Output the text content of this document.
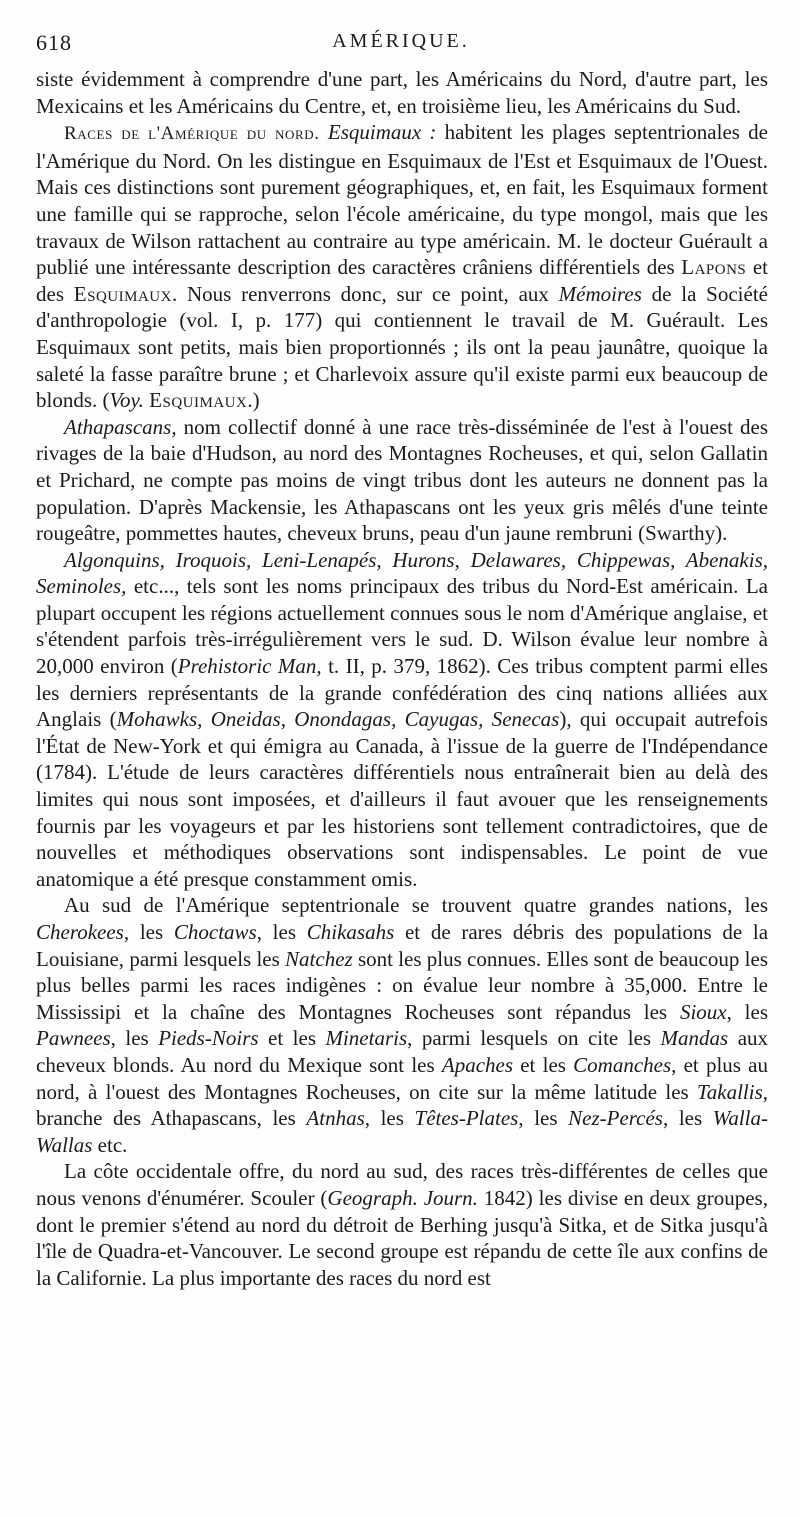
618	AMÉRIQUE.

siste évidemment à comprendre d'une part, les Américains du Nord, d'autre part, les Mexicains et les Américains du Centre, et, en troisième lieu, les Américains du Sud.

Races de l'Amérique du nord. Esquimaux : habitent les plages septentrionales de l'Amérique du Nord. On les distingue en Esquimaux de l'Est et Esquimaux de l'Ouest. Mais ces distinctions sont purement géographiques, et, en fait, les Esquimaux forment une famille qui se rapproche, selon l'école américaine, du type mongol, mais que les travaux de Wilson rattachent au contraire au type américain. M. le docteur Guérault a publié une intéressante description des caractères crâniens différentiels des Lapons et des Esquimaux. Nous renverrons donc, sur ce point, aux Mémoires de la Société d'anthropologie (vol. I, p. 177) qui contiennent le travail de M. Guérault. Les Esquimaux sont petits, mais bien proportionnés ; ils ont la peau jaunâtre, quoique la saleté la fasse paraître brune ; et Charlevoix assure qu'il existe parmi eux beaucoup de blonds. (Voy. Esquimaux.)

Athapascans, nom collectif donné à une race très-disséminée de l'est à l'ouest des rivages de la baie d'Hudson, au nord des Montagnes Rocheuses, et qui, selon Gallatin et Prichard, ne compte pas moins de vingt tribus dont les auteurs ne donnent pas la population. D'après Mackensie, les Athapascans ont les yeux gris mêlés d'une teinte rougeâtre, pommettes hautes, cheveux bruns, peau d'un jaune rembruni (Swarthy).

Algonquins, Iroquois, Leni-Lenapés, Hurons, Delawares, Chippewas, Abenakis, Seminoles, etc..., tels sont les noms principaux des tribus du Nord-Est américain. La plupart occupent les régions actuellement connues sous le nom d'Amérique anglaise, et s'étendent parfois très-irrégulièrement vers le sud. D. Wilson évalue leur nombre à 20,000 environ (Prehistoric Man, t. II, p. 379, 1862). Ces tribus comptent parmi elles les derniers représentants de la grande confédération des cinq nations alliées aux Anglais (Mohawks, Oneidas, Onondagas, Cayugas, Senecas), qui occupait autrefois l'État de New-York et qui émigra au Canada, à l'issue de la guerre de l'Indépendance (1784). L'étude de leurs caractères différentiels nous entraînerait bien au delà des limites qui nous sont imposées, et d'ailleurs il faut avouer que les renseignements fournis par les voyageurs et par les historiens sont tellement contradictoires, que de nouvelles et méthodiques observations sont indispensables. Le point de vue anatomique a été presque constamment omis.

Au sud de l'Amérique septentrionale se trouvent quatre grandes nations, les Cherokees, les Choctaws, les Chikasahs et de rares débris des populations de la Louisiane, parmi lesquels les Natchez sont les plus connues. Elles sont de beaucoup les plus belles parmi les races indigènes : on évalue leur nombre à 35,000. Entre le Mississipi et la chaîne des Montagnes Rocheuses sont répandus les Sioux, les Pawnees, les Pieds-Noirs et les Minetaris, parmi lesquels on cite les Mandas aux cheveux blonds. Au nord du Mexique sont les Apaches et les Comanches, et plus au nord, à l'ouest des Montagnes Rocheuses, on cite sur la même latitude les Takallis, branche des Athapascans, les Atnhas, les Têtes-Plates, les Nez-Percés, les Walla-Wallas etc.

La côte occidentale offre, du nord au sud, des races très-différentes de celles que nous venons d'énumérer. Scouler (Geograph. Journ. 1842) les divise en deux groupes, dont le premier s'étend au nord du détroit de Berhing jusqu'à Sitka, et de Sitka jusqu'à l'île de Quadra-et-Vancouver. Le second groupe est répandu de cette île aux confins de la Californie. La plus importante des races du nord est
